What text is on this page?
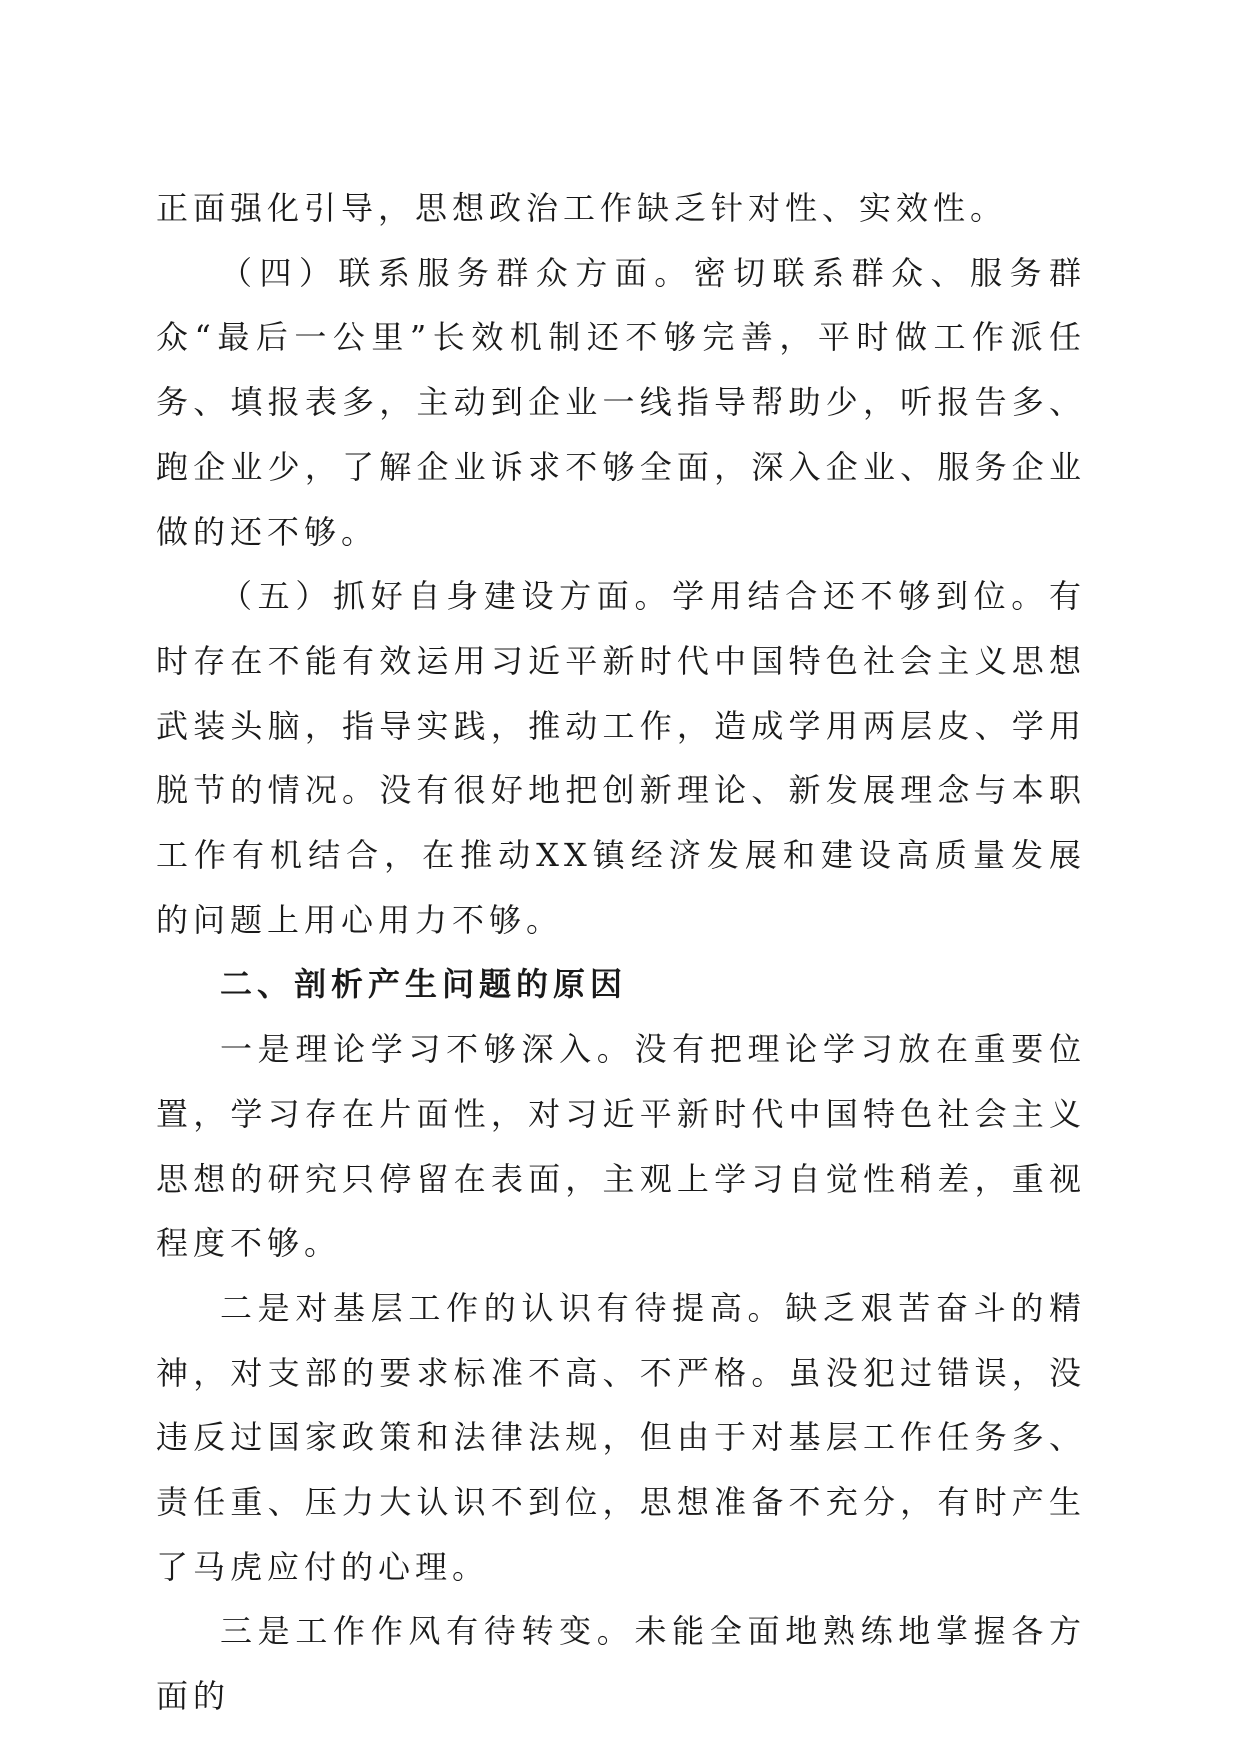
正面强化引导，思想政治工作缺乏针对性、实效性。

（四）联系服务群众方面。密切联系群众、服务群众“最后一公里”长效机制还不够完善，平时做工作派任务、填报表多，主动到企业一线指导帮助少，听报告多、跑企业少，了解企业诉求不够全面，深入企业、服务企业做的还不够。

（五）抓好自身建设方面。学用结合还不够到位。有时存在不能有效运用习近平新时代中国特色社会主义思想武装头脑，指导实践，推动工作，造成学用两层皮、学用脱节的情况。没有很好地把创新理论、新发展理念与本职工作有机结合，在推动XX镇经济发展和建设高质量发展的问题上用心用力不够。

二、剖析产生问题的原因

一是理论学习不够深入。没有把理论学习放在重要位置，学习存在片面性，对习近平新时代中国特色社会主义思想的研究只停留在表面，主观上学习自觉性稍差，重视程度不够。

二是对基层工作的认识有待提高。缺乏艰苦奋斗的精神，对支部的要求标准不高、不严格。虽没犯过错误，没违反过国家政策和法律法规，但由于对基层工作任务多、责任重、压力大认识不到位，思想准备不充分，有时产生了马虎应付的心理。

三是工作作风有待转变。未能全面地熟练地掌握各方面的
